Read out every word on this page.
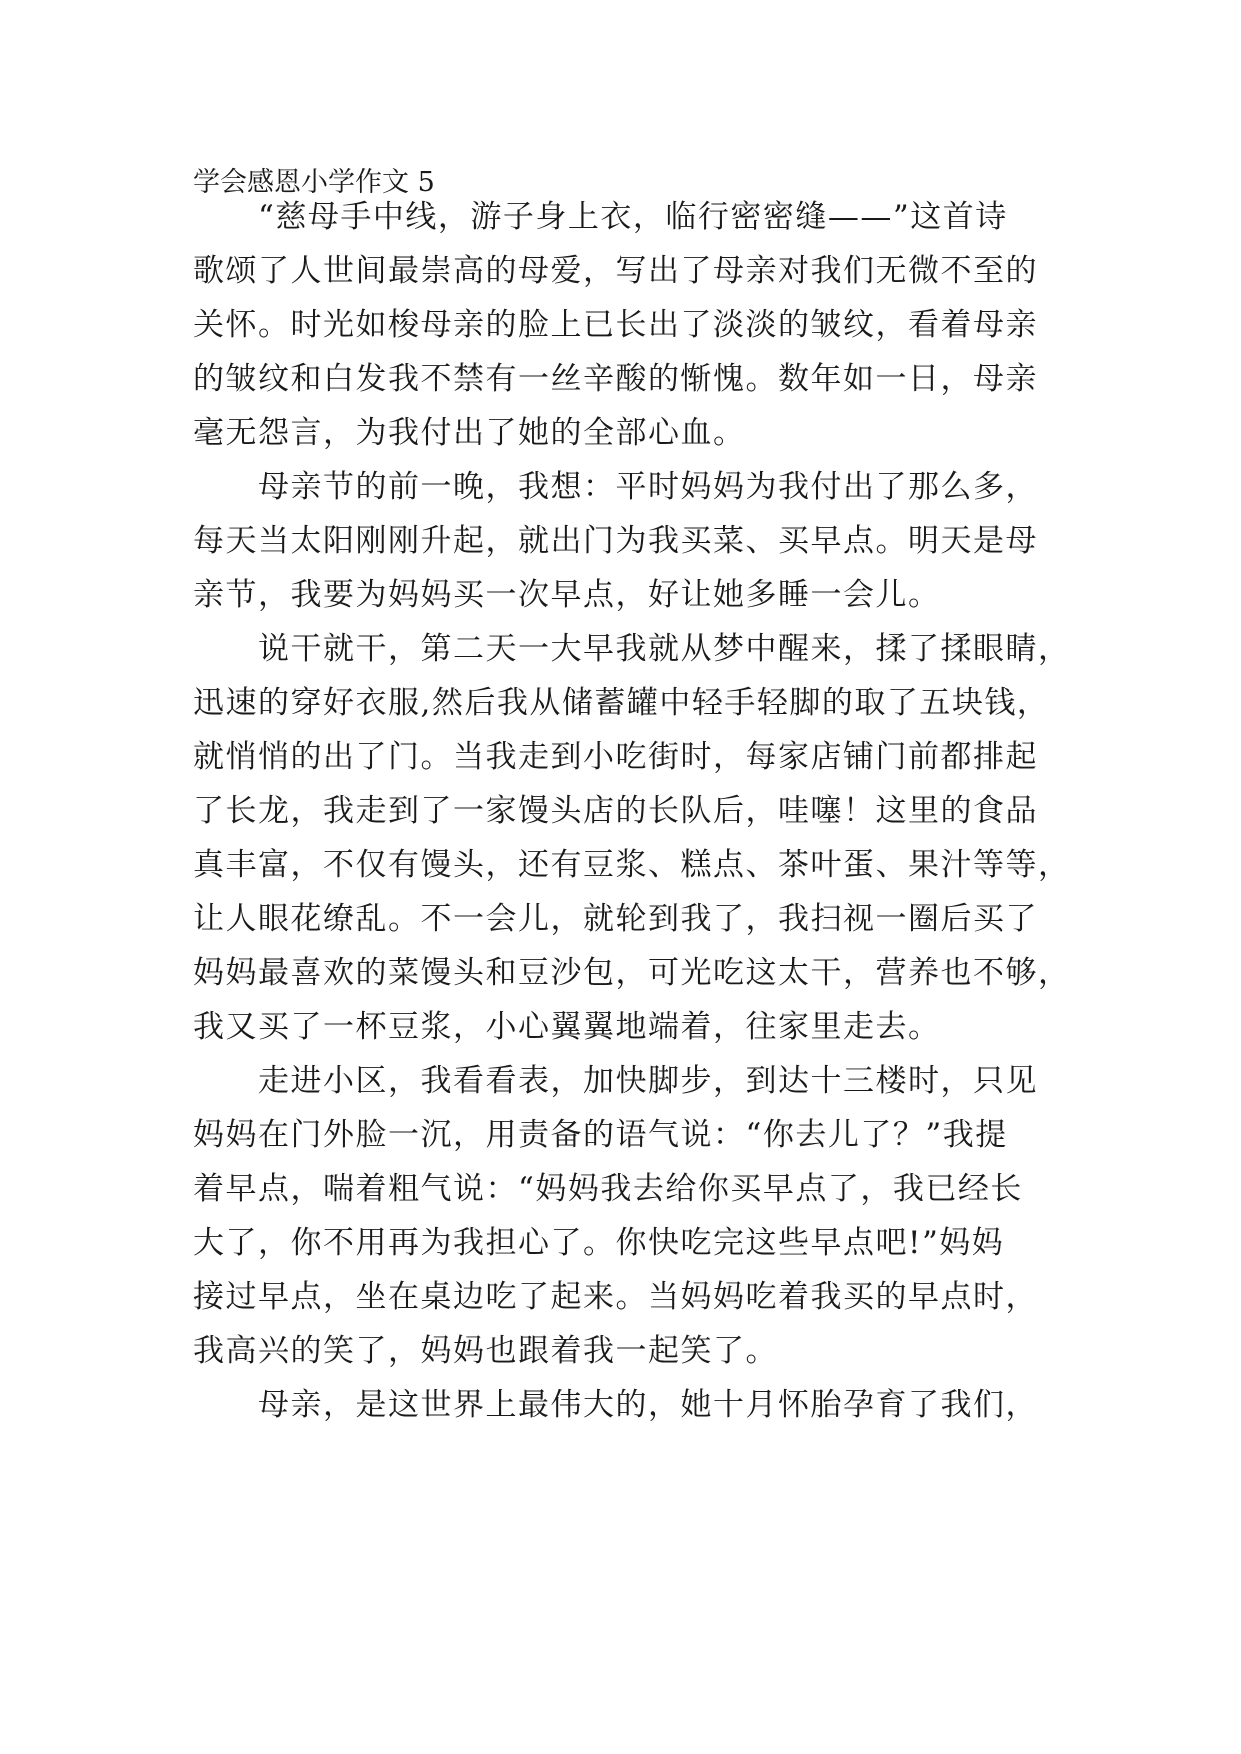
学会感恩小学作文 5
“慈母手中线，游子身上衣，临行密密缝——”这首诗
歌颂了人世间最崇高的母爱，写出了母亲对我们无微不至的
关怀。时光如梭母亲的脸上已长出了淡淡的皱纹，看着母亲
的皱纹和白发我不禁有一丝辛酸的惭愧。数年如一日，母亲
毫无怨言，为我付出了她的全部心血。
母亲节的前一晚，我想：平时妈妈为我付出了那么多，
每天当太阳刚刚升起，就出门为我买菜、买早点。明天是母
亲节，我要为妈妈买一次早点，好让她多睡一会儿。
说干就干，第二天一大早我就从梦中醒来，揉了揉眼睛，
迅速的穿好衣服,然后我从储蓄罐中轻手轻脚的取了五块钱，
就悄悄的出了门。当我走到小吃街时，每家店铺门前都排起
了长龙，我走到了一家馒头店的长队后，哇噻！这里的食品
真丰富，不仅有馒头，还有豆浆、糕点、茶叶蛋、果汁等等，
让人眼花缭乱。不一会儿，就轮到我了，我扫视一圈后买了
妈妈最喜欢的菜馒头和豆沙包，可光吃这太干，营养也不够，
我又买了一杯豆浆，小心翼翼地端着，往家里走去。
走进小区，我看看表，加快脚步，到达十三楼时，只见
妈妈在门外脸一沉，用责备的语气说：“你去儿了？”我提
着早点，喘着粗气说：“妈妈我去给你买早点了，我已经长
大了，你不用再为我担心了。你快吃完这些早点吧!”妈妈
接过早点，坐在桌边吃了起来。当妈妈吃着我买的早点时，
我高兴的笑了，妈妈也跟着我一起笑了。
母亲，是这世界上最伟大的，她十月怀胎孕育了我们，
